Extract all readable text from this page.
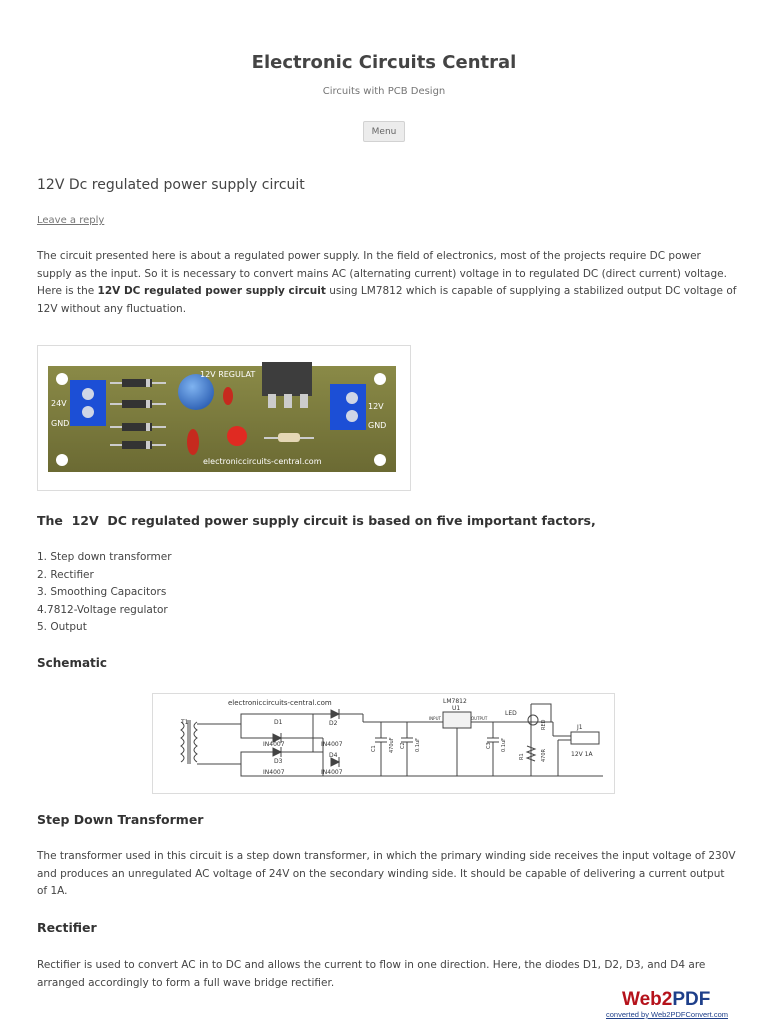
Electronic Circuits Central
Circuits with PCB Design
Menu
12V Dc regulated power supply circuit
Leave a reply

The circuit presented here is about a regulated power supply. In the field of electronics, most of the projects require DC power supply as the input. So it is necessary to convert mains AC (alternating current) voltage in to regulated DC (direct current) voltage. Here is the 12V DC regulated power supply circuit using LM7812 which is capable of supplying a stabilized output DC voltage of 12V without any fluctuation.

24V
GND
12V REGULAT
12V
GND
electroniccircuits-central.com
The  12V  DC regulated power supply circuit is based on five important factors,
1. Step down transformer
2. Rectifier
3. Smoothing Capacitors
4.7812-Voltage regulator
5. Output
Schematic
electroniccircuits-central.com
T1	D1	D2
D3
D4
IN4007	IN4007
IN4007	IN4007
LM7812
U1
INPUT	OUTPUT
C1 470uF C2 0.1uF	C3 0.1uF
LED
RED
R1	470R
J1
12V 1A
Step Down Transformer

The transformer used in this circuit is a step down transformer, in which the primary winding side receives the input voltage of 230V and produces an unregulated AC voltage of 24V on the secondary winding side. It should be capable of delivering a current output of 1A.

Rectifier

Rectifier is used to convert AC in to DC and allows the current to flow in one direction. Here, the diodes D1, D2, D3, and D4 are arranged accordingly to form a full wave bridge rectifier.

Web2PDF
converted by Web2PDFConvert.com
